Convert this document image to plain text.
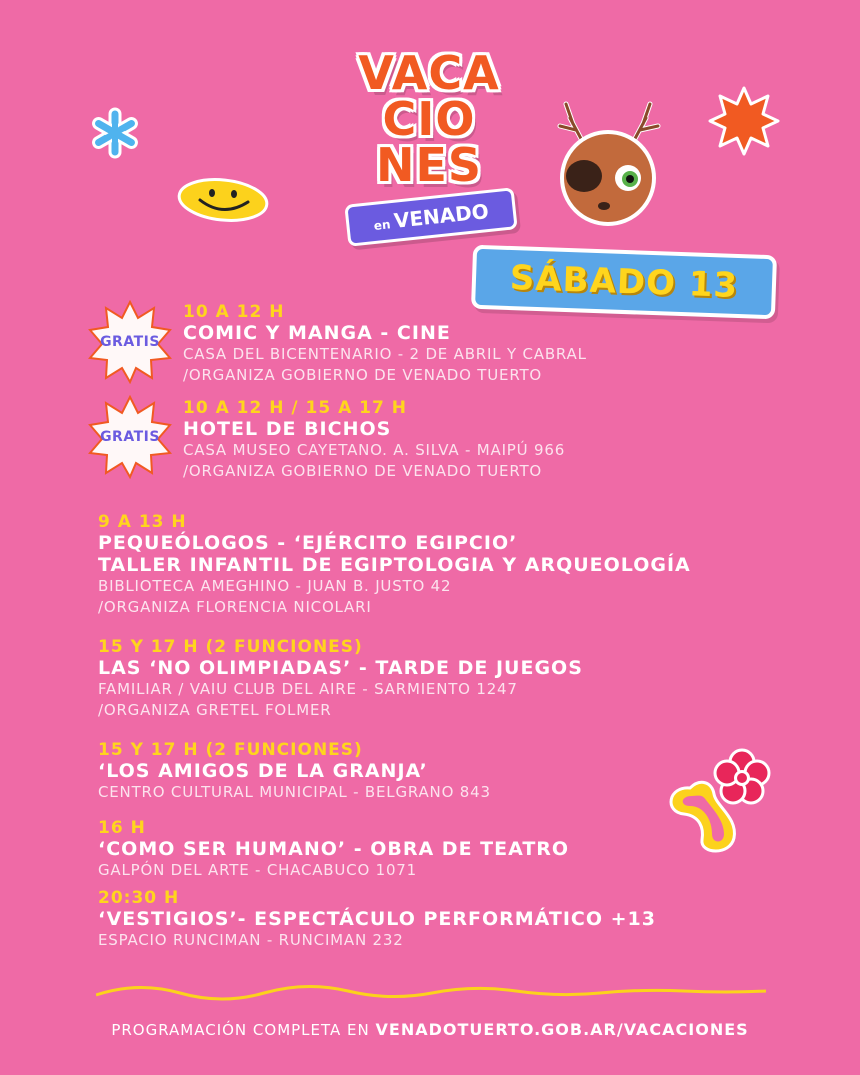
VACA
CIO
NES
enVENADO
SÁBADO 13
GRATIS
GRATIS
10 A 12 H
COMIC Y MANGA - CINE
CASA DEL BICENTENARIO - 2 DE ABRIL Y CABRAL
/ORGANIZA GOBIERNO DE VENADO TUERTO
10 A 12 H / 15 A 17 H
HOTEL DE BICHOS
CASA MUSEO CAYETANO. A. SILVA - MAIPÚ 966
/ORGANIZA GOBIERNO DE VENADO TUERTO
9 A 13 H
PEQUEÓLOGOS - ‘EJÉRCITO EGIPCIO’
TALLER INFANTIL DE EGIPTOLOGIA Y ARQUEOLOGÍA
BIBLIOTECA AMEGHINO - JUAN B. JUSTO 42
/ORGANIZA FLORENCIA NICOLARI
15 Y 17 H (2 FUNCIONES)
LAS ‘NO OLIMPIADAS’ - TARDE DE JUEGOS
FAMILIAR / VAIU CLUB DEL AIRE - SARMIENTO 1247
/ORGANIZA GRETEL FOLMER
15 Y 17 H (2 FUNCIONES)
‘LOS AMIGOS DE LA GRANJA’
CENTRO CULTURAL MUNICIPAL - BELGRANO 843
16 H
‘COMO SER HUMANO’ - OBRA DE TEATRO
GALPÓN DEL ARTE - CHACABUCO 1071
20:30 H
‘VESTIGIOS’- ESPECTÁCULO PERFORMÁTICO +13
ESPACIO RUNCIMAN - RUNCIMAN 232
PROGRAMACIÓN COMPLETA EN VENADOTUERTO.GOB.AR/VACACIONES
